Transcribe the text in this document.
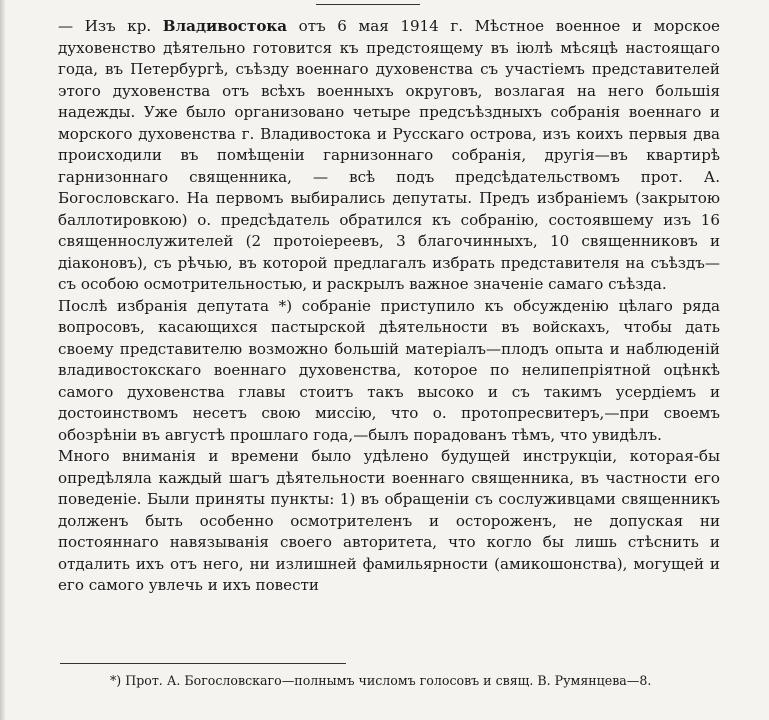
— Изъ кр. Владивостока отъ 6 мая 1914 г. Мѣстное военное и морское духовенство дѣятельно готовится къ предстоящему въ іюлѣ мѣсяцѣ настоящаго года, въ Петербургѣ, съѣзду военнаго духовенства съ участіемъ представителей этого духовенства отъ всѣхъ военныхъ округовъ, возлагая на него большія надежды. Уже было организовано четыре предсъѣздныхъ собранія военнаго и морского духовенства г. Владивостока и Русскаго острова, изъ коихъ первыя два происходили въ помѣщеніи гарнизоннаго собранія, другія—въ квартирѣ гарнизоннаго священника, — всѣ подъ предсѣдательствомъ прот. А. Богословскаго. На первомъ выбирались депутаты. Предъ избраніемъ (закрытою баллотировкою) о. предсѣдатель обратился къ собранію, состоявшему изъ 16 священнослужителей (2 протоіереевъ, 3 благочинныхъ, 10 священниковъ и діаконовъ), съ рѣчью, въ которой предлагалъ избрать представителя на съѣздъ—съ особою осмотрительностью, и раскрылъ важное значеніе самаго съѣзда.

Послѣ избранія депутата *) собраніе приступило къ обсужденію цѣлаго ряда вопросовъ, касающихся пастырской дѣятельности въ войскахъ, чтобы дать своему представителю возможно большій матеріалъ—плодъ опыта и наблюденій владивостокскаго военнаго духовенства, которое по нелипепріятной оцѣнкѣ самого духовенства главы стоитъ такъ высоко и съ такимъ усердіемъ и достоинствомъ несетъ свою миссію, что о. протопресвитеръ,—при своемъ обозрѣніи въ августѣ прошлаго года,—былъ порадованъ тѣмъ, что увидѣлъ.

Много вниманія и времени было удѣлено будущей инструкціи, которая-бы опредѣляла каждый шагъ дѣятельности военнаго священника, въ частности его поведеніе. Были приняты пункты: 1) въ обращеніи съ сослуживцами священникъ долженъ быть особенно осмотрителенъ и остороженъ, не допуская ни постояннаго навязыванія своего авторитета, что когло бы лишь стѣснить и отдалить ихъ отъ него, ни излишней фамильярности (амикошонства), могущей и его самого увлечь и ихъ повести

*) Прот. А. Богословскаго—полнымъ числомъ голосовъ и свящ. В. Румянцева—8.
